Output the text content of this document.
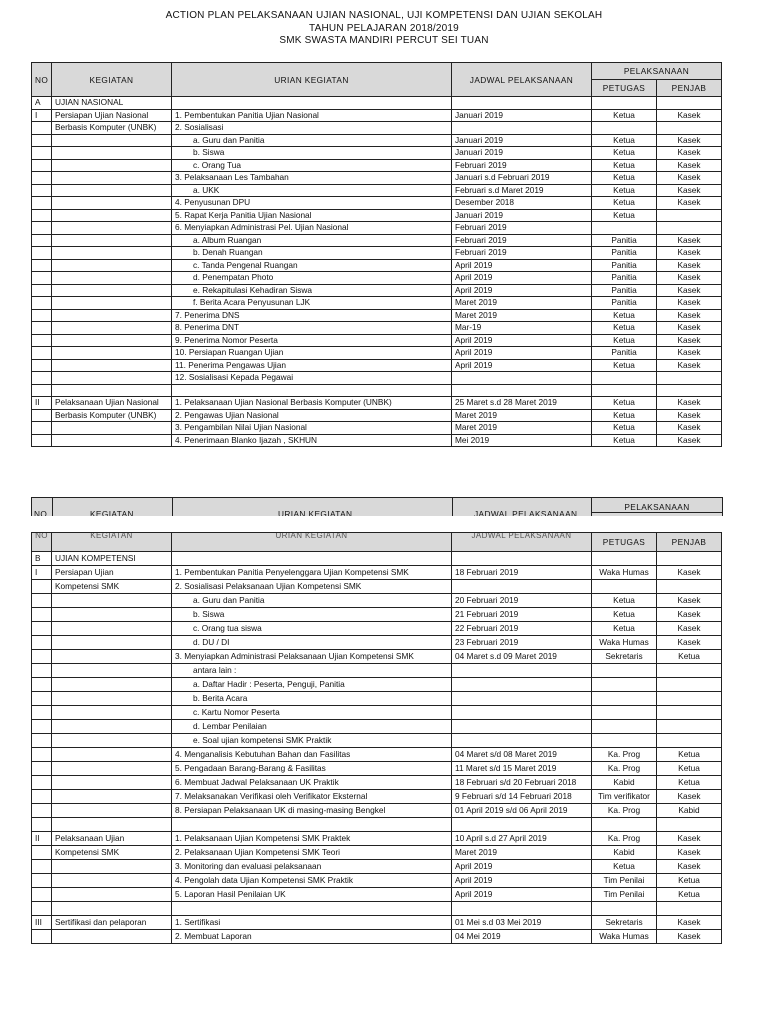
ACTION PLAN PELAKSANAAN UJIAN NASIONAL, UJI KOMPETENSI DAN UJIAN SEKOLAH
TAHUN PELAJARAN 2018/2019
SMK SWASTA MANDIRI PERCUT SEI TUAN
NO	KEGIATAN	URIAN KEGIATAN	JADWAL PELAKSANAAN	PELAKSANAAN	
				PETUGAS	PENJAB
A	UJIAN NASIONAL				
I	Persiapan Ujian Nasional	1. Pembentukan Panitia Ujian Nasional	Januari 2019	Ketua	Kasek
	Berbasis Komputer (UNBK)	2. Sosialisasi			
		a. Guru dan Panitia	Januari 2019	Ketua	Kasek
		b. Siswa	Januari 2019	Ketua	Kasek
		c. Orang Tua	Februari 2019	Ketua	Kasek
		3. Pelaksanaan Les Tambahan	Januari s.d Februari 2019	Ketua	Kasek
		a. UKK	Februari s.d Maret 2019	Ketua	Kasek
		4. Penyusunan DPU	Desember 2018	Ketua	Kasek
		5. Rapat Kerja Panitia Ujian Nasional	Januari 2019	Ketua	
		6. Menyiapkan Administrasi Pel. Ujian Nasional	Februari 2019		
		a. Album Ruangan	Februari 2019	Panitia	Kasek
		b. Denah Ruangan	Februari 2019	Panitia	Kasek
		c. Tanda Pengenal Ruangan	April 2019	Panitia	Kasek
		d. Penempatan Photo	April 2019	Panitia	Kasek
		e. Rekapitulasi Kehadiran Siswa	April 2019	Panitia	Kasek
		f. Berita Acara Penyusunan LJK	Maret 2019	Panitia	Kasek
		7. Penerima DNS	Maret 2019	Ketua	Kasek
		8. Penerima DNT	Mar-19	Ketua	Kasek
		9. Penerima Nomor Peserta	April 2019	Ketua	Kasek
		10. Persiapan Ruangan Ujian	April 2019	Panitia	Kasek
		11. Penerima Pengawas Ujian	April 2019	Ketua	Kasek
		12. Sosialisasi Kepada Pegawai			

II	Pelaksanaan Ujian Nasional	1. Pelaksanaan Ujian Nasional Berbasis Komputer (UNBK)	25 Maret s.d 28 Maret 2019	Ketua	Kasek
	Berbasis Komputer (UNBK)	2. Pengawas Ujian Nasional	Maret 2019	Ketua	Kasek
		3. Pengambilan Nilai Ujian Nasional	Maret 2019	Ketua	Kasek
		4. Penerimaan Blanko Ijazah , SKHUN	Mei 2019	Ketua	Kasek
NO	KEGIATAN	URIAN KEGIATAN	JADWAL PELAKSANAAN
PELAKSANAAN
NO	KEGIATAN	URIAN KEGIATAN	JADWAL PELAKSANAAN	PETUGAS	PENJAB
B	UJIAN KOMPETENSI				
I	Persiapan Ujian	1. Pembentukan Panitia Penyelenggara Ujian Kompetensi SMK	18 Februari 2019	Waka Humas	Kasek
	Kompetensi SMK	2. Sosialisasi Pelaksanaan Ujian Kompetensi SMK			
		a. Guru dan Panitia	20 Februari 2019	Ketua	Kasek
		b. Siswa	21 Februari 2019	Ketua	Kasek
		c. Orang tua siswa	22 Februari 2019	Ketua	Kasek
		d. DU / DI	23 Februari 2019	Waka Humas	Kasek
		3. Menyiapkan Administrasi Pelaksanaan Ujian Kompetensi SMK	04 Maret s.d 09 Maret 2019	Sekretaris	Ketua
		antara lain :			
		a. Daftar Hadir : Peserta, Penguji, Panitia			
		b. Berita Acara			
		c. Kartu Nomor Peserta			
		d. Lembar Penilaian			
		e. Soal ujian kompetensi SMK Praktik			
		4. Menganalisis Kebutuhan Bahan dan Fasilitas	04 Maret s/d 08 Maret 2019	Ka. Prog	Ketua
		5. Pengadaan Barang-Barang & Fasilitas	11 Maret s/d 15 Maret 2019	Ka. Prog	Ketua
		6. Membuat Jadwal Pelaksanaan UK Praktik	18 Februari s/d 20 Februari 2018	Kabid	Ketua
		7. Melaksanakan Verifikasi oleh Verifikator Eksternal	9 Februari s/d 14 Februari 2018	Tim verifikator	Kasek
		8. Persiapan Pelaksanaan UK di masing-masing Bengkel	01 April 2019 s/d 06 April 2019	Ka. Prog	Kabid

II	Pelaksanaan Ujian	1. Pelaksanaan Ujian Kompetensi SMK Praktek	10 April s.d 27 April 2019	Ka. Prog	Kasek
	Kompetensi SMK	2. Pelaksanaan Ujian Kompetensi SMK Teori	Maret 2019	Kabid	Kasek
		3. Monitoring dan evaluasi pelaksanaan	April 2019	Ketua	Kasek
		4. Pengolah data Ujian Kompetensi SMK Praktik	April 2019	Tim Penilai	Ketua
		5. Laporan Hasil Penilaian UK	April 2019	Tim Penilai	Ketua

III	Sertifikasi dan pelaporan	1. Sertifikasi	01 Mei s.d 03 Mei 2019	Sekretaris	Kasek
		2. Membuat Laporan	04 Mei 2019	Waka Humas	Kasek
